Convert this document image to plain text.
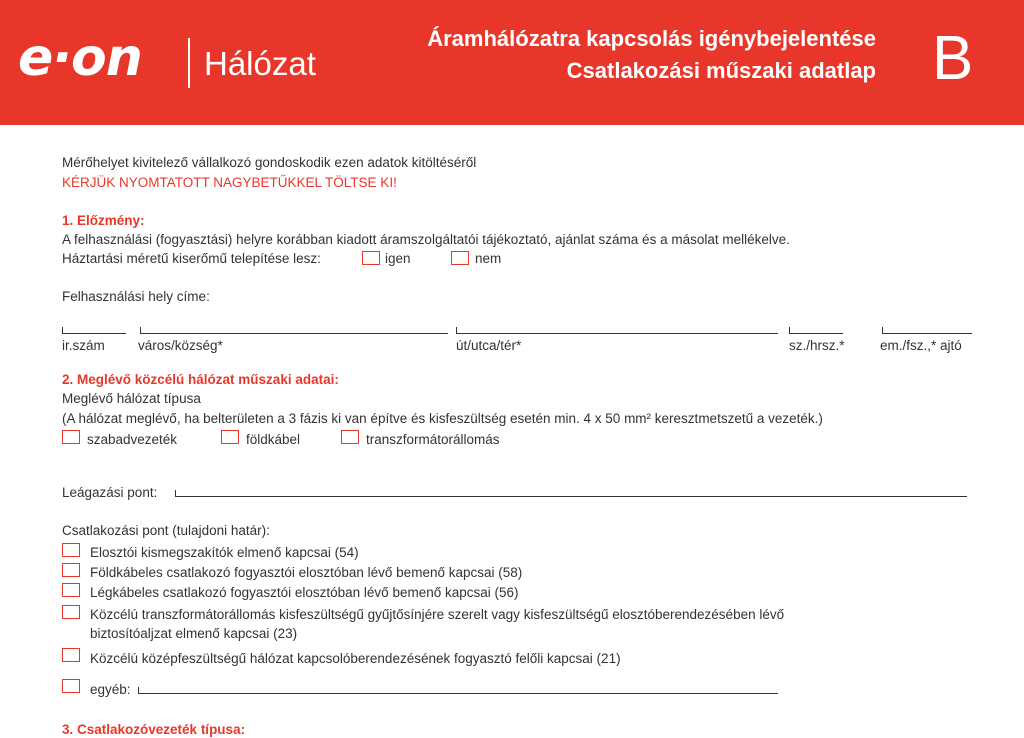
e·on Hálózat
Áramhálózatra kapcsolás igénybejelentése
Csatlakozási műszaki adatlap B
Mérőhelyet kivitelező vállalkozó gondoskodik ezen adatok kitöltéséről
KÉRJÜK NYOMTATOTT NAGYBETŰKKEL TÖLTSE KI!
1. Előzmény:
A felhasználási (fogyasztási) helyre korábban kiadott áramszolgáltatói tájékoztató, ajánlat száma és a másolat mellékelve.
Háztartási méretű kiserőmű telepítése lesz:	igen	nem
Felhasználási hely címe:
ir.szám város/község*	út/utca/tér*	sz./hrsz.*	em./fsz.,* ajtó
2. Meglévő közcélú hálózat műszaki adatai:
Meglévő hálózat típusa
(A hálózat meglévő, ha belterületen a 3 fázis ki van építve és kisfeszültség esetén min. 4 x 50 mm² keresztmetszetű a vezeték.)
szabadvezeték	földkábel	transzformátorállomás
Leágazási pont:
Csatlakozási pont (tulajdoni határ):
Elosztói kismegszakítók elmenő kapcsai (54)
Földkábeles csatlakozó fogyasztói elosztóban lévő bemenő kapcsai (58)
Légkábeles csatlakozó fogyasztói elosztóban lévő bemenő kapcsai (56)
Közcélú transzformátorállomás kisfeszültségű gyűjtősínjére szerelt vagy kisfeszültségű elosztóberendezésében lévő
biztosítóaljzat elmenő kapcsai (23)
Közcélú középfeszültségű hálózat kapcsolóberendezésének fogyasztó felőli kapcsai (21)
egyéb:
3. Csatlakozóvezeték típusa:
